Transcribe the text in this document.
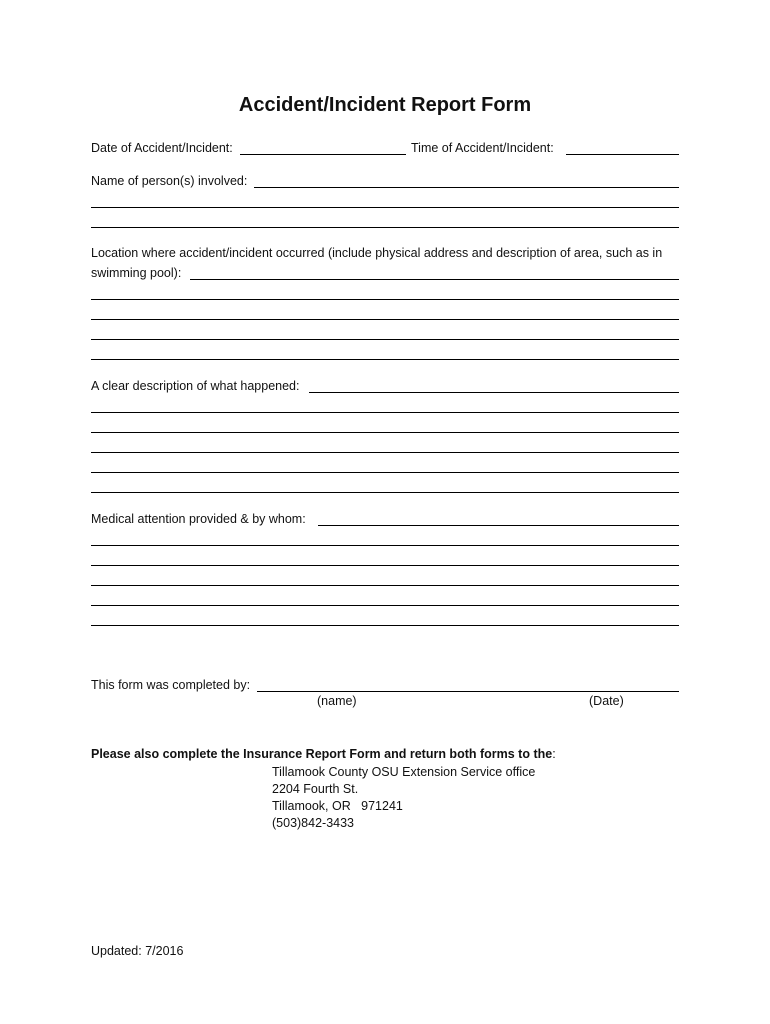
Accident/Incident Report Form
Date of Accident/Incident:	Time of Accident/Incident:
Name of person(s) involved:
Location where accident/incident occurred (include physical address and description of area, such as in
swimming pool):
A clear description of what happened:
Medical attention provided & by whom:
This form was completed by:
(name)	(Date)
Please also complete the Insurance Report Form and return both forms to the:
Tillamook County OSU Extension Service office
2204 Fourth St.
Tillamook, OR   971241
(503)842-3433
Updated: 7/2016
